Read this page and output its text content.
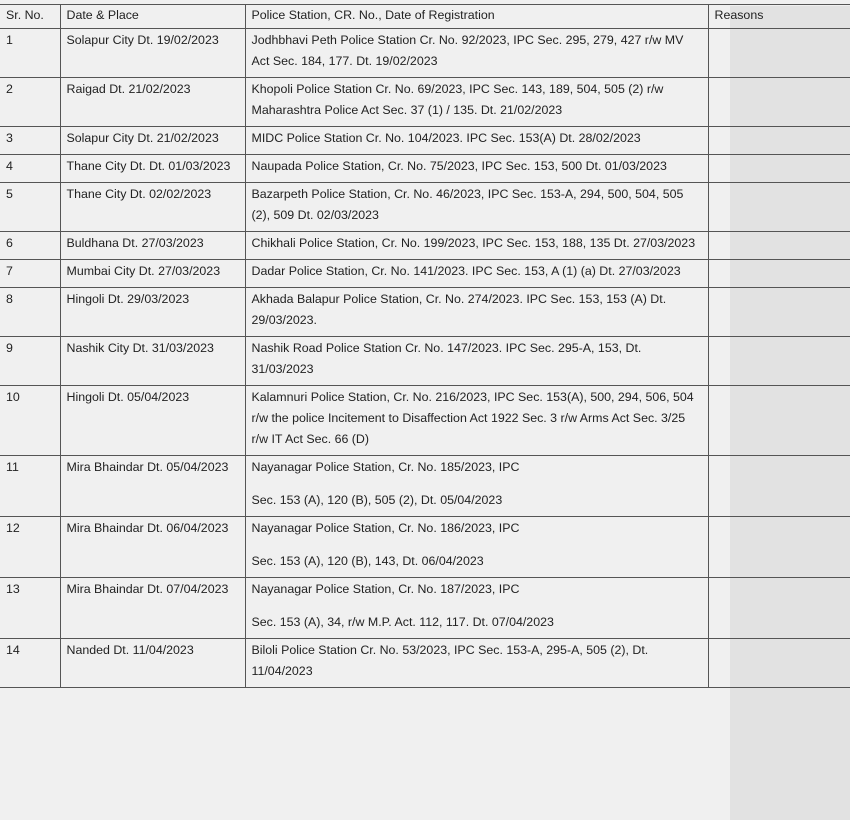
Sr. No.	Date & Place	Police Station, CR. No., Date of Registration	Reasons
1	Solapur City Dt. 19/02/2023	Jodhbhavi Peth Police Station Cr. No. 92/2023, IPC Sec. 295, 279, 427 r/w MV Act Sec. 184, 177. Dt. 19/02/2023	
2	Raigad Dt. 21/02/2023	Khopoli Police Station Cr. No. 69/2023, IPC Sec. 143, 189, 504, 505 (2) r/w Maharashtra Police Act Sec. 37 (1) / 135. Dt. 21/02/2023	
3	Solapur City Dt. 21/02/2023	MIDC Police Station Cr. No. 104/2023. IPC Sec. 153(A) Dt. 28/02/2023	
4	Thane City Dt. Dt. 01/03/2023	Naupada Police Station, Cr. No. 75/2023, IPC Sec. 153, 500 Dt. 01/03/2023	
5	Thane City Dt. 02/02/2023	Bazarpeth Police Station, Cr. No. 46/2023, IPC Sec. 153-A, 294, 500, 504, 505 (2), 509 Dt. 02/03/2023	
6	Buldhana Dt. 27/03/2023	Chikhali Police Station, Cr. No. 199/2023, IPC Sec. 153, 188, 135 Dt. 27/03/2023	
7	Mumbai City Dt. 27/03/2023	Dadar Police Station, Cr. No. 141/2023. IPC Sec. 153, A (1) (a) Dt. 27/03/2023	
8	Hingoli Dt. 29/03/2023	Akhada Balapur Police Station, Cr. No. 274/2023. IPC Sec. 153, 153 (A) Dt. 29/03/2023.	
9	Nashik City Dt. 31/03/2023	Nashik Road Police Station Cr. No. 147/2023. IPC Sec. 295-A, 153, Dt. 31/03/2023	
10	Hingoli Dt. 05/04/2023	Kalamnuri Police Station, Cr. No. 216/2023, IPC Sec. 153(A), 500, 294, 506, 504 r/w the police Incitement to Disaffection Act 1922 Sec. 3 r/w Arms Act Sec. 3/25 r/w IT Act Sec. 66 (D)	
11	Mira Bhaindar Dt. 05/04/2023	Nayanagar Police Station, Cr. No. 185/2023, IPC
Sec. 153 (A), 120 (B), 505 (2), Dt. 05/04/2023	
12	Mira Bhaindar Dt. 06/04/2023	Nayanagar Police Station, Cr. No. 186/2023, IPC
Sec. 153 (A), 120 (B), 143, Dt. 06/04/2023	
13	Mira Bhaindar Dt. 07/04/2023	Nayanagar Police Station, Cr. No. 187/2023, IPC
Sec. 153 (A), 34, r/w M.P. Act. 112, 117. Dt. 07/04/2023	
14	Nanded Dt. 11/04/2023	Biloli Police Station Cr. No. 53/2023, IPC Sec. 153-A, 295-A, 505 (2), Dt. 11/04/2023	
